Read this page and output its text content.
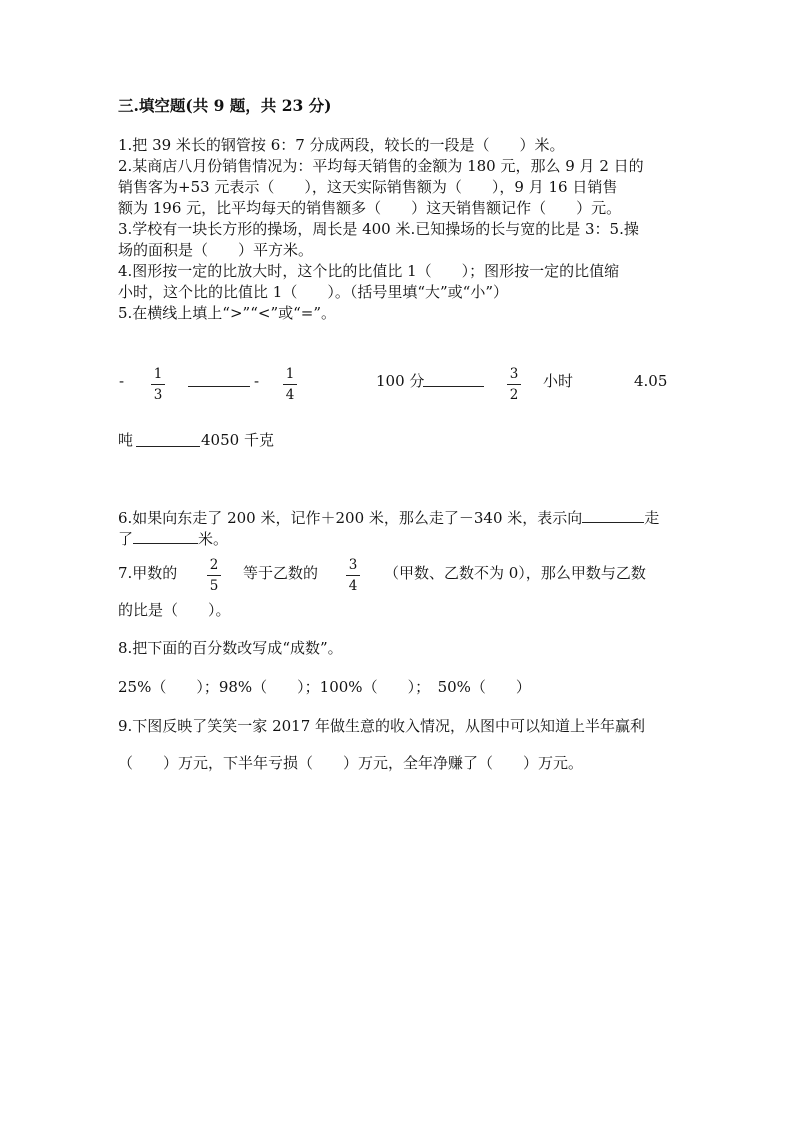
三.填空题(共 9 题，共 23 分)
1.把 39 米长的钢管按 6：7 分成两段，较长的一段是（　　）米。
2.某商店八月份销售情况为：平均每天销售的金额为 180 元，那么 9 月 2 日的
销售客为+53 元表示（　　），这天实际销售额为（　　），9 月 16 日销售
额为 196 元，比平均每天的销售额多（　　）这天销售额记作（　　）元。
3.学校有一块长方形的操场，周长是 400 米.已知操场的长与宽的比是 3：5.操
场的面积是（　　）平方米。
4.图形按一定的比放大时，这个比的比值比 1（　　）；图形按一定的比值缩
小时，这个比的比值比 1（　　）。（括号里填“大”或“小”）
5.在横线上填上“>”“<”或“=”。
-	1
3
-	1
4
100 分	3
2
小时	4.05
吨	4050 千克
6.如果向东走了 200 米，记作＋200 米，那么走了－340 米，表示向	走
了	米。
7.甲数的	2
5
等于乙数的	3
4
（甲数、乙数不为 0），那么甲数与乙数
的比是（　　）。
8.把下面的百分数改写成“成数”。
25%（　　）；98%（　　）；100%（　　）；　50%（　　）
9.下图反映了笑笑一家 2017 年做生意的收入情况，从图中可以知道上半年赢利
（　　）万元，下半年亏损（　　）万元，全年净赚了（　　）万元。
